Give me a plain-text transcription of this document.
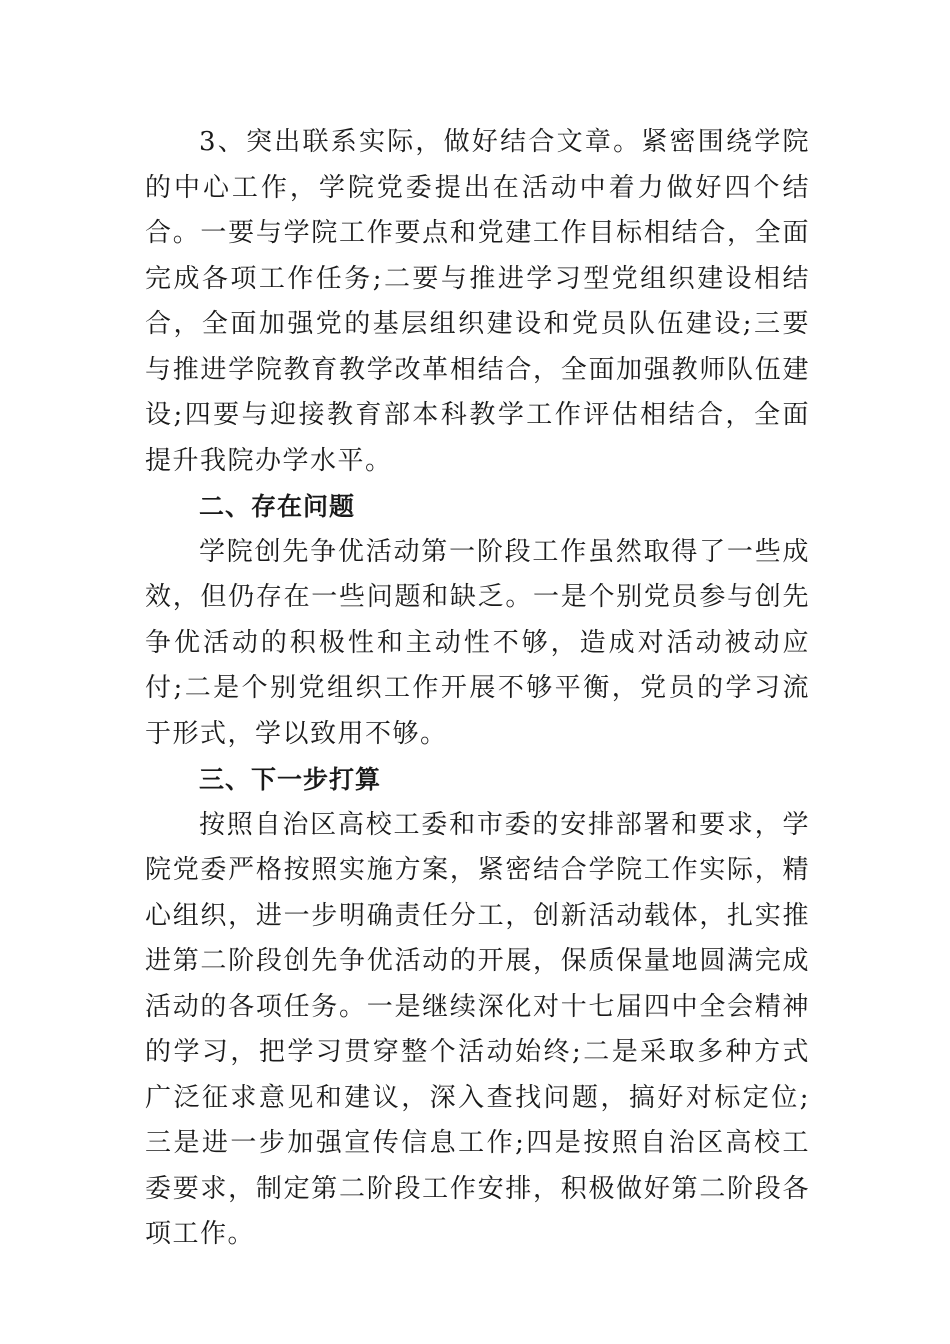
3、突出联系实际，做好结合文章。紧密围绕学院的中心工作，学院党委提出在活动中着力做好四个结合。一要与学院工作要点和党建工作目标相结合，全面完成各项工作任务;二要与推进学习型党组织建设相结合，全面加强党的基层组织建设和党员队伍建设;三要与推进学院教育教学改革相结合，全面加强教师队伍建设;四要与迎接教育部本科教学工作评估相结合，全面提升我院办学水平。

二、存在问题

学院创先争优活动第一阶段工作虽然取得了一些成效，但仍存在一些问题和缺乏。一是个别党员参与创先争优活动的积极性和主动性不够，造成对活动被动应付;二是个别党组织工作开展不够平衡，党员的学习流于形式，学以致用不够。

三、下一步打算

按照自治区高校工委和市委的安排部署和要求，学院党委严格按照实施方案，紧密结合学院工作实际，精心组织，进一步明确责任分工，创新活动载体，扎实推进第二阶段创先争优活动的开展，保质保量地圆满完成活动的各项任务。一是继续深化对十七届四中全会精神的学习，把学习贯穿整个活动始终;二是采取多种方式广泛征求意见和建议，深入查找问题，搞好对标定位;三是进一步加强宣传信息工作;四是按照自治区高校工委要求，制定第二阶段工作安排，积极做好第二阶段各项工作。
